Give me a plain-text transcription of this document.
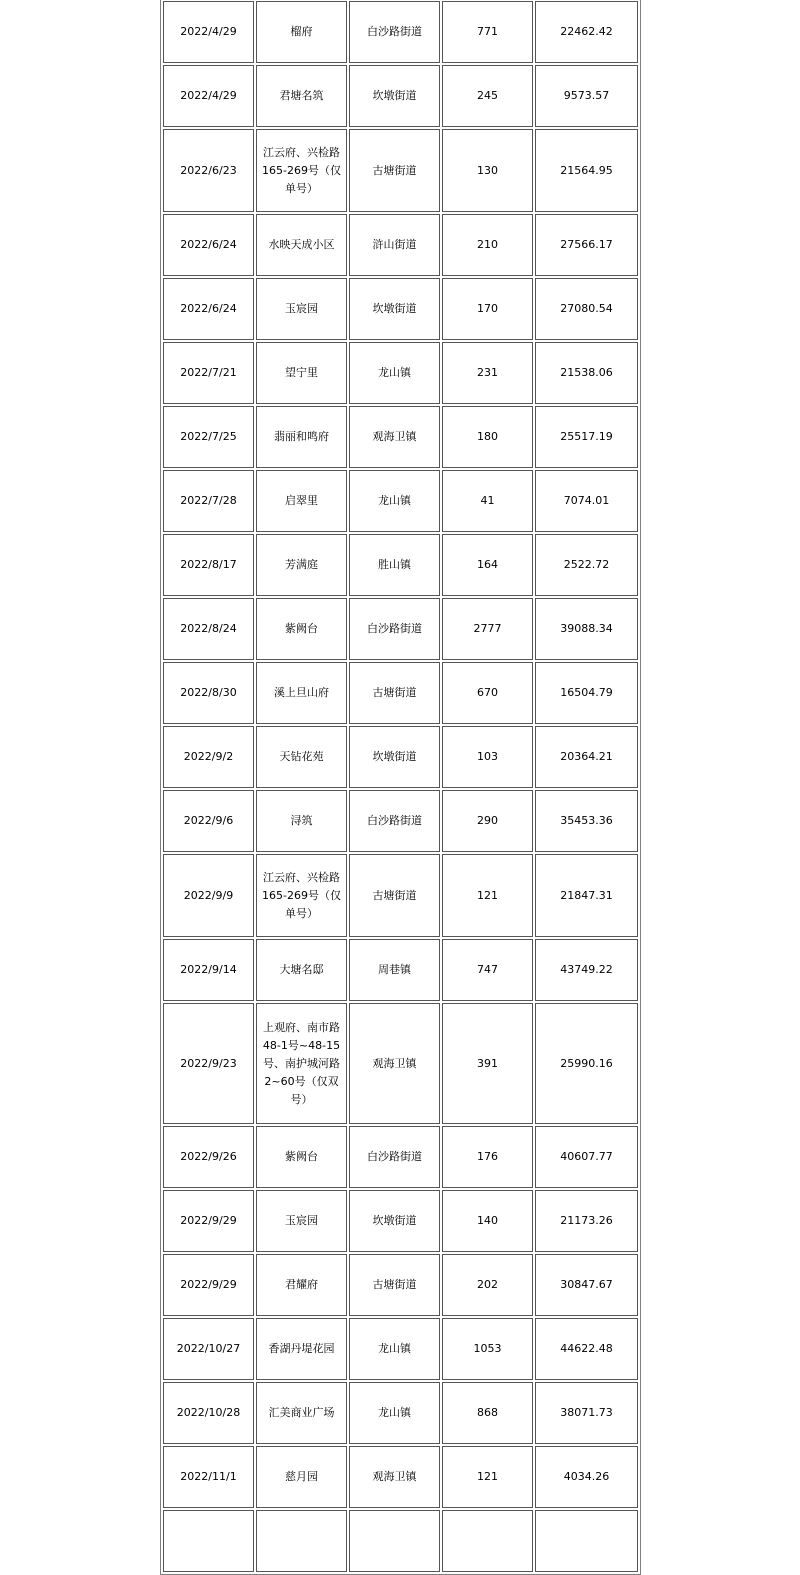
2022/4/29	榴府	白沙路街道	771	22462.42
2022/4/29	君塘名筑	坎墩街道	245	9573.57
2022/6/23	江云府、兴检路165-269号（仅单号）	古塘街道	130	21564.95
2022/6/24	水映天成小区	浒山街道	210	27566.17
2022/6/24	玉宸园	坎墩街道	170	27080.54
2022/7/21	望宁里	龙山镇	231	21538.06
2022/7/25	翡丽和鸣府	观海卫镇	180	25517.19
2022/7/28	启翠里	龙山镇	41	7074.01
2022/8/17	芳满庭	胜山镇	164	2522.72
2022/8/24	紫阙台	白沙路街道	2777	39088.34
2022/8/30	溪上旦山府	古塘街道	670	16504.79
2022/9/2	天钻花苑	坎墩街道	103	20364.21
2022/9/6	浔筑	白沙路街道	290	35453.36
2022/9/9	江云府、兴检路165-269号（仅单号）	古塘街道	121	21847.31
2022/9/14	大塘名邸	周巷镇	747	43749.22
2022/9/23	上观府、南市路48-1号~48-15号、南护城河路2~60号（仅双号）	观海卫镇	391	25990.16
2022/9/26	紫阙台	白沙路街道	176	40607.77
2022/9/29	玉宸园	坎墩街道	140	21173.26
2022/9/29	君耀府	古塘街道	202	30847.67
2022/10/27	香湖丹堤花园	龙山镇	1053	44622.48
2022/10/28	汇美商业广场	龙山镇	868	38071.73
2022/11/1	慈月园	观海卫镇	121	4034.26
